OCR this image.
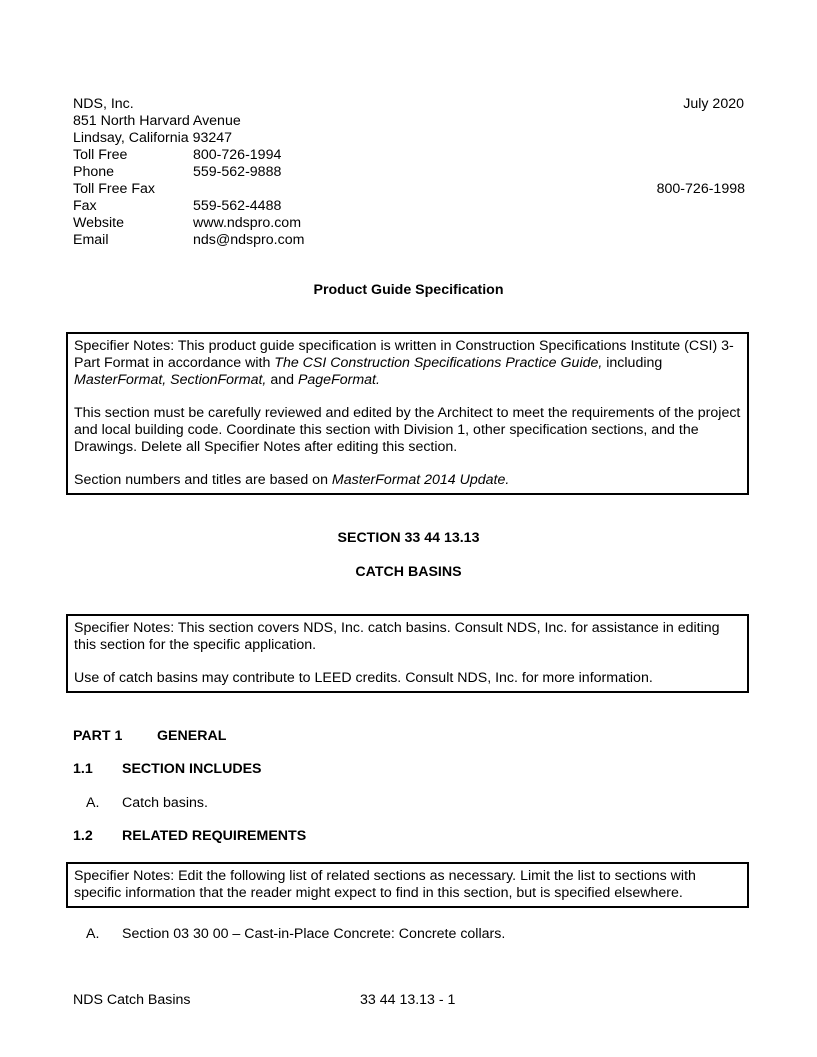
NDS, Inc.	July 2020
851 North Harvard Avenue
Lindsay, California 93247
Toll Free	800-726-1994
Phone	559-562-9888
Toll Free Fax	800-726-1998
Fax	559-562-4488
Website	www.ndspro.com
Email	nds@ndspro.com
Product Guide Specification

Specifier Notes: This product guide specification is written in Construction Specifications Institute (CSI) 3-Part Format in accordance with The CSI Construction Specifications Practice Guide, including MasterFormat, SectionFormat, and PageFormat.

This section must be carefully reviewed and edited by the Architect to meet the requirements of the project and local building code. Coordinate this section with Division 1, other specification sections, and the Drawings. Delete all Specifier Notes after editing this section.

Section numbers and titles are based on MasterFormat 2014 Update.

SECTION 33 44 13.13
CATCH BASINS

Specifier Notes: This section covers NDS, Inc. catch basins. Consult NDS, Inc. for assistance in editing this section for the specific application.

Use of catch basins may contribute to LEED credits. Consult NDS, Inc. for more information.

PART 1 GENERAL
1.1 SECTION INCLUDES
A. Catch basins.
1.2 RELATED REQUIREMENTS

Specifier Notes: Edit the following list of related sections as necessary. Limit the list to sections with specific information that the reader might expect to find in this section, but is specified elsewhere.

A. Section 03 30 00 – Cast-in-Place Concrete: Concrete collars.
NDS Catch Basins	33 44 13.13 - 1
